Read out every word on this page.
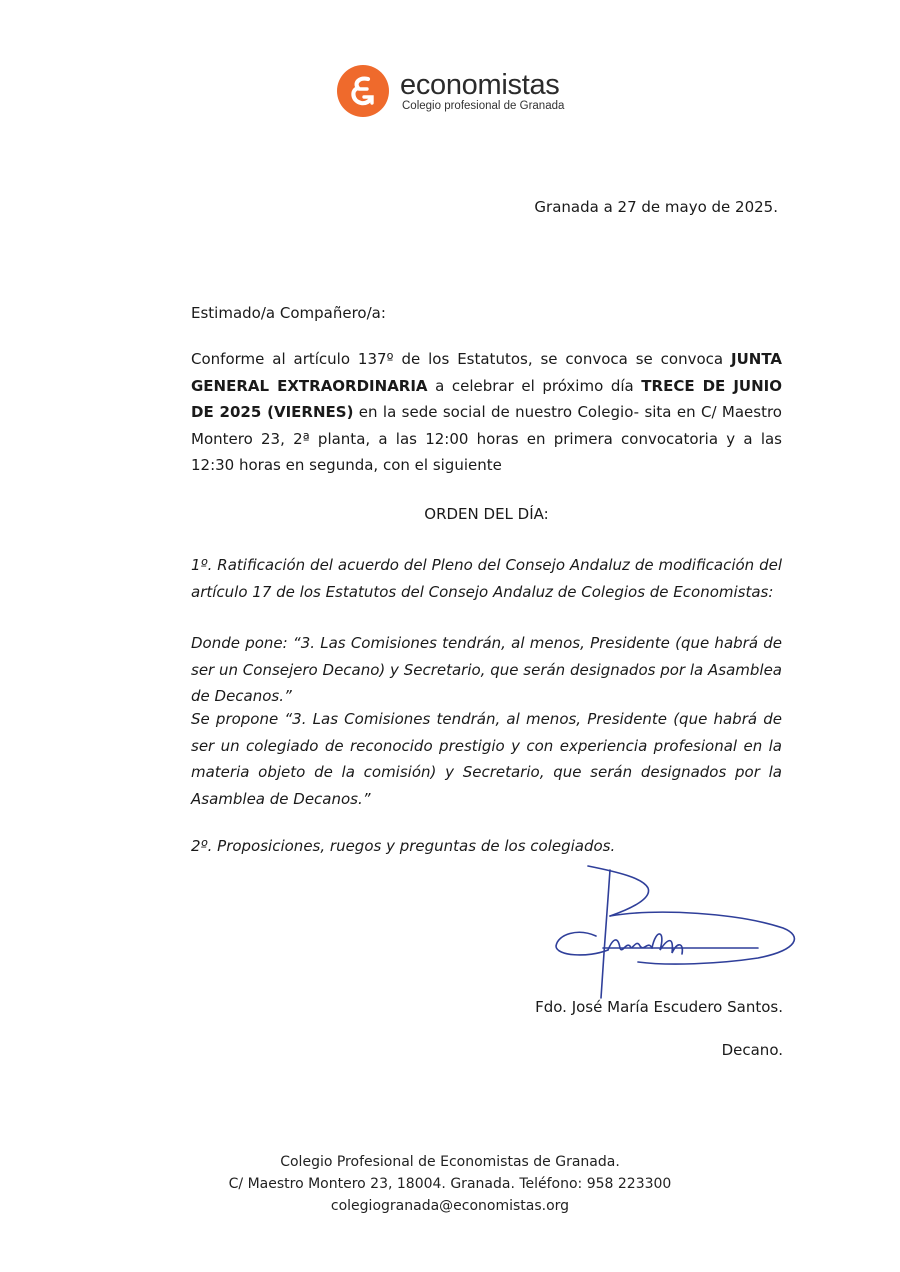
economistas
Colegio profesional de Granada
Granada a 27 de mayo de 2025.
Estimado/a Compañero/a:
Conforme al artículo 137º de los Estatutos, se convoca se convoca JUNTA GENERAL EXTRAORDINARIA a celebrar el próximo día TRECE DE JUNIO DE 2025 (VIERNES) en la sede social de nuestro Colegio- sita en C/ Maestro Montero 23, 2ª planta, a las 12:00 horas en primera convocatoria y a las 12:30 horas en segunda, con el siguiente
ORDEN DEL DÍA:
1º. Ratificación del acuerdo del Pleno del Consejo Andaluz de modificación del artículo 17 de los Estatutos del Consejo Andaluz de Colegios de Economistas:
Donde pone: “3. Las Comisiones tendrán, al menos, Presidente (que habrá de ser un Consejero Decano) y Secretario, que serán designados por la Asamblea de Decanos.”
Se propone “3. Las Comisiones tendrán, al menos, Presidente (que habrá de ser un colegiado de reconocido prestigio y con experiencia profesional en la materia objeto de la comisión) y Secretario, que serán designados por la Asamblea de Decanos.”
2º. Proposiciones, ruegos y preguntas de los colegiados.
Fdo. José María Escudero Santos.
Decano.
Colegio Profesional de Economistas de Granada.
C/ Maestro Montero 23, 18004. Granada. Teléfono: 958 223300
colegiogranada@economistas.org
